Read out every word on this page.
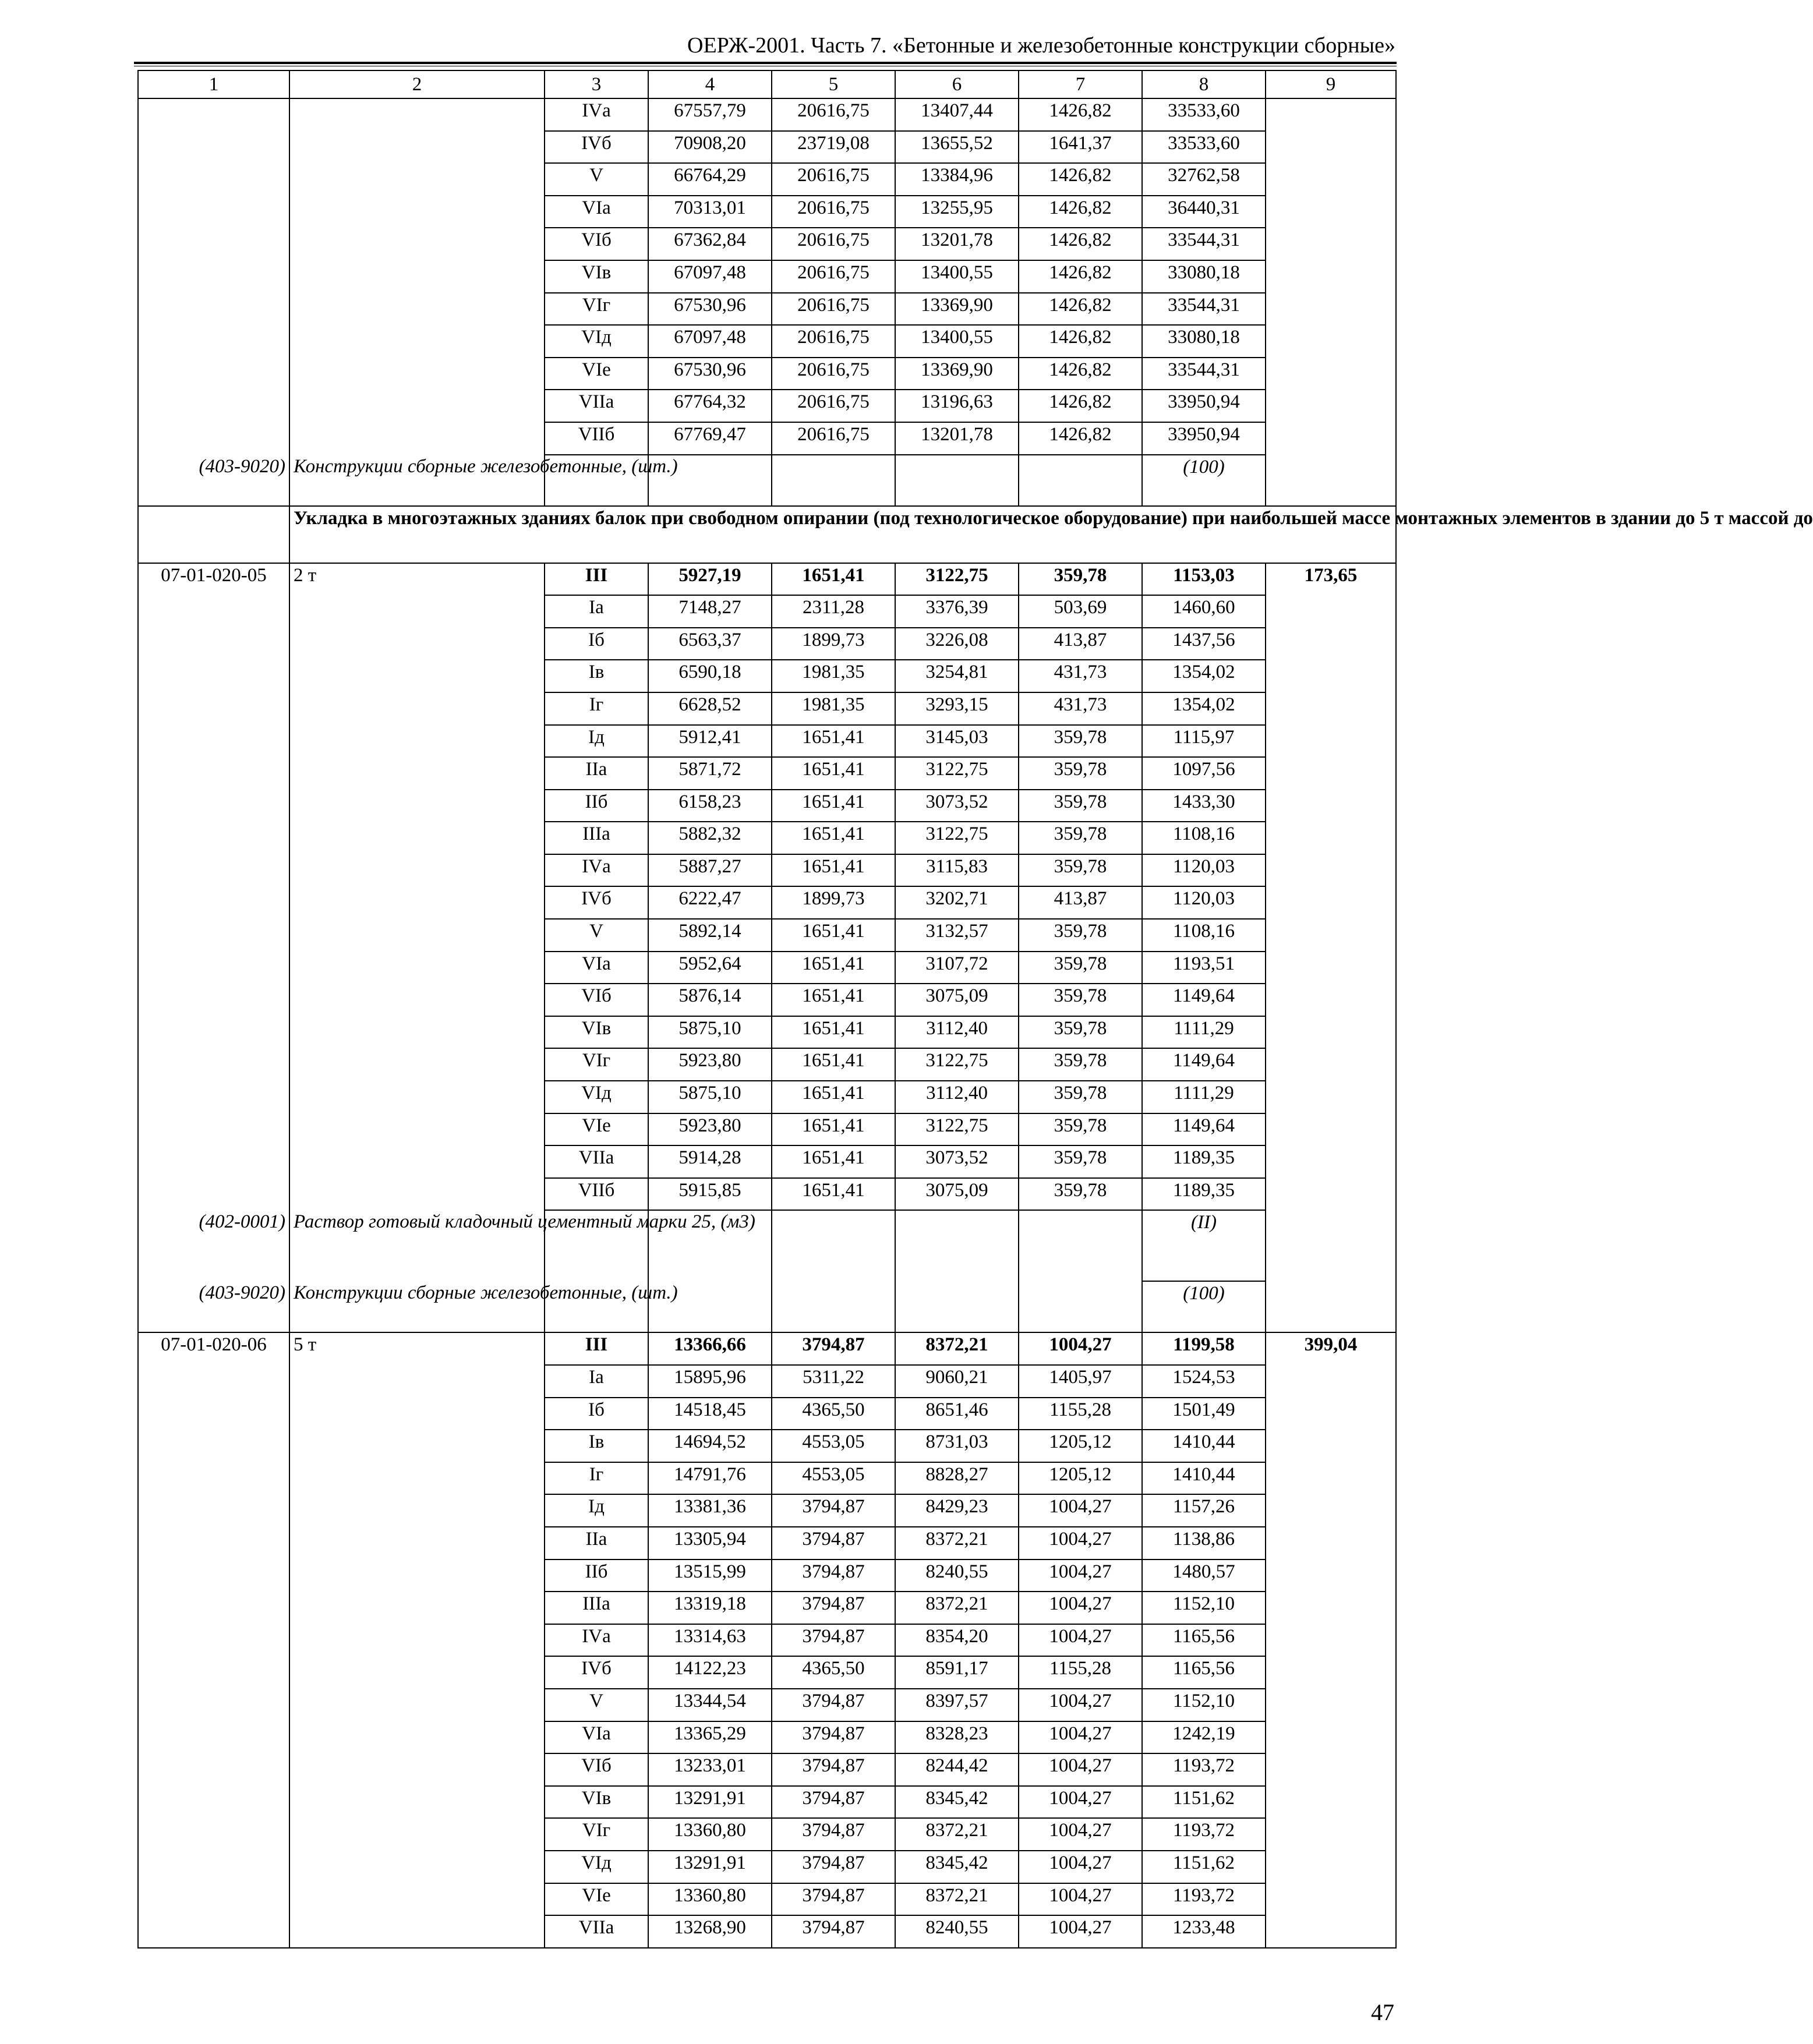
ОЕРЖ-2001. Часть 7. «Бетонные и железобетонные конструкции сборные»
1	2	3	4	5	6	7	8	9
		IVа	67557,79	20616,75	13407,44	1426,82	33533,60	
		IVб	70908,20	23719,08	13655,52	1641,37	33533,60	
		V	66764,29	20616,75	13384,96	1426,82	32762,58	
		VIа	70313,01	20616,75	13255,95	1426,82	36440,31	
		VIб	67362,84	20616,75	13201,78	1426,82	33544,31	
		VIв	67097,48	20616,75	13400,55	1426,82	33080,18	
		VIг	67530,96	20616,75	13369,90	1426,82	33544,31	
		VIд	67097,48	20616,75	13400,55	1426,82	33080,18	
		VIе	67530,96	20616,75	13369,90	1426,82	33544,31	
		VIIа	67764,32	20616,75	13196,63	1426,82	33950,94	
		VIIб	67769,47	20616,75	13201,78	1426,82	33950,94	
(403-9020)	Конструкции сборные железобетонные, (шт.)						(100)	
	Укладка в многоэтажных зданиях балок при свободном опирании (под технологическое оборудование) при наибольшей массе монтажных элементов в здании до 5 т массой до							
07-01-020-05	2 т	III	5927,19	1651,41	3122,75	359,78	1153,03	173,65
		Iа	7148,27	2311,28	3376,39	503,69	1460,60	
		Iб	6563,37	1899,73	3226,08	413,87	1437,56	
		Iв	6590,18	1981,35	3254,81	431,73	1354,02	
		Iг	6628,52	1981,35	3293,15	431,73	1354,02	
		Iд	5912,41	1651,41	3145,03	359,78	1115,97	
		IIа	5871,72	1651,41	3122,75	359,78	1097,56	
		IIб	6158,23	1651,41	3073,52	359,78	1433,30	
		IIIа	5882,32	1651,41	3122,75	359,78	1108,16	
		IVа	5887,27	1651,41	3115,83	359,78	1120,03	
		IVб	6222,47	1899,73	3202,71	413,87	1120,03	
		V	5892,14	1651,41	3132,57	359,78	1108,16	
		VIа	5952,64	1651,41	3107,72	359,78	1193,51	
		VIб	5876,14	1651,41	3075,09	359,78	1149,64	
		VIв	5875,10	1651,41	3112,40	359,78	1111,29	
		VIг	5923,80	1651,41	3122,75	359,78	1149,64	
		VIд	5875,10	1651,41	3112,40	359,78	1111,29	
		VIе	5923,80	1651,41	3122,75	359,78	1149,64	
		VIIа	5914,28	1651,41	3073,52	359,78	1189,35	
		VIIб	5915,85	1651,41	3075,09	359,78	1189,35	
(402-0001)	Раствор готовый кладочный цементный марки 25, (м3)						(II)	
(403-9020)	Конструкции сборные железобетонные, (шт.)						(100)	
07-01-020-06	5 т	III	13366,66	3794,87	8372,21	1004,27	1199,58	399,04
		Iа	15895,96	5311,22	9060,21	1405,97	1524,53	
		Iб	14518,45	4365,50	8651,46	1155,28	1501,49	
		Iв	14694,52	4553,05	8731,03	1205,12	1410,44	
		Iг	14791,76	4553,05	8828,27	1205,12	1410,44	
		Iд	13381,36	3794,87	8429,23	1004,27	1157,26	
		IIа	13305,94	3794,87	8372,21	1004,27	1138,86	
		IIб	13515,99	3794,87	8240,55	1004,27	1480,57	
		IIIа	13319,18	3794,87	8372,21	1004,27	1152,10	
		IVа	13314,63	3794,87	8354,20	1004,27	1165,56	
		IVб	14122,23	4365,50	8591,17	1155,28	1165,56	
		V	13344,54	3794,87	8397,57	1004,27	1152,10	
		VIа	13365,29	3794,87	8328,23	1004,27	1242,19	
		VIб	13233,01	3794,87	8244,42	1004,27	1193,72	
		VIв	13291,91	3794,87	8345,42	1004,27	1151,62	
		VIг	13360,80	3794,87	8372,21	1004,27	1193,72	
		VIд	13291,91	3794,87	8345,42	1004,27	1151,62	
		VIе	13360,80	3794,87	8372,21	1004,27	1193,72	
		VIIа	13268,90	3794,87	8240,55	1004,27	1233,48	
47
